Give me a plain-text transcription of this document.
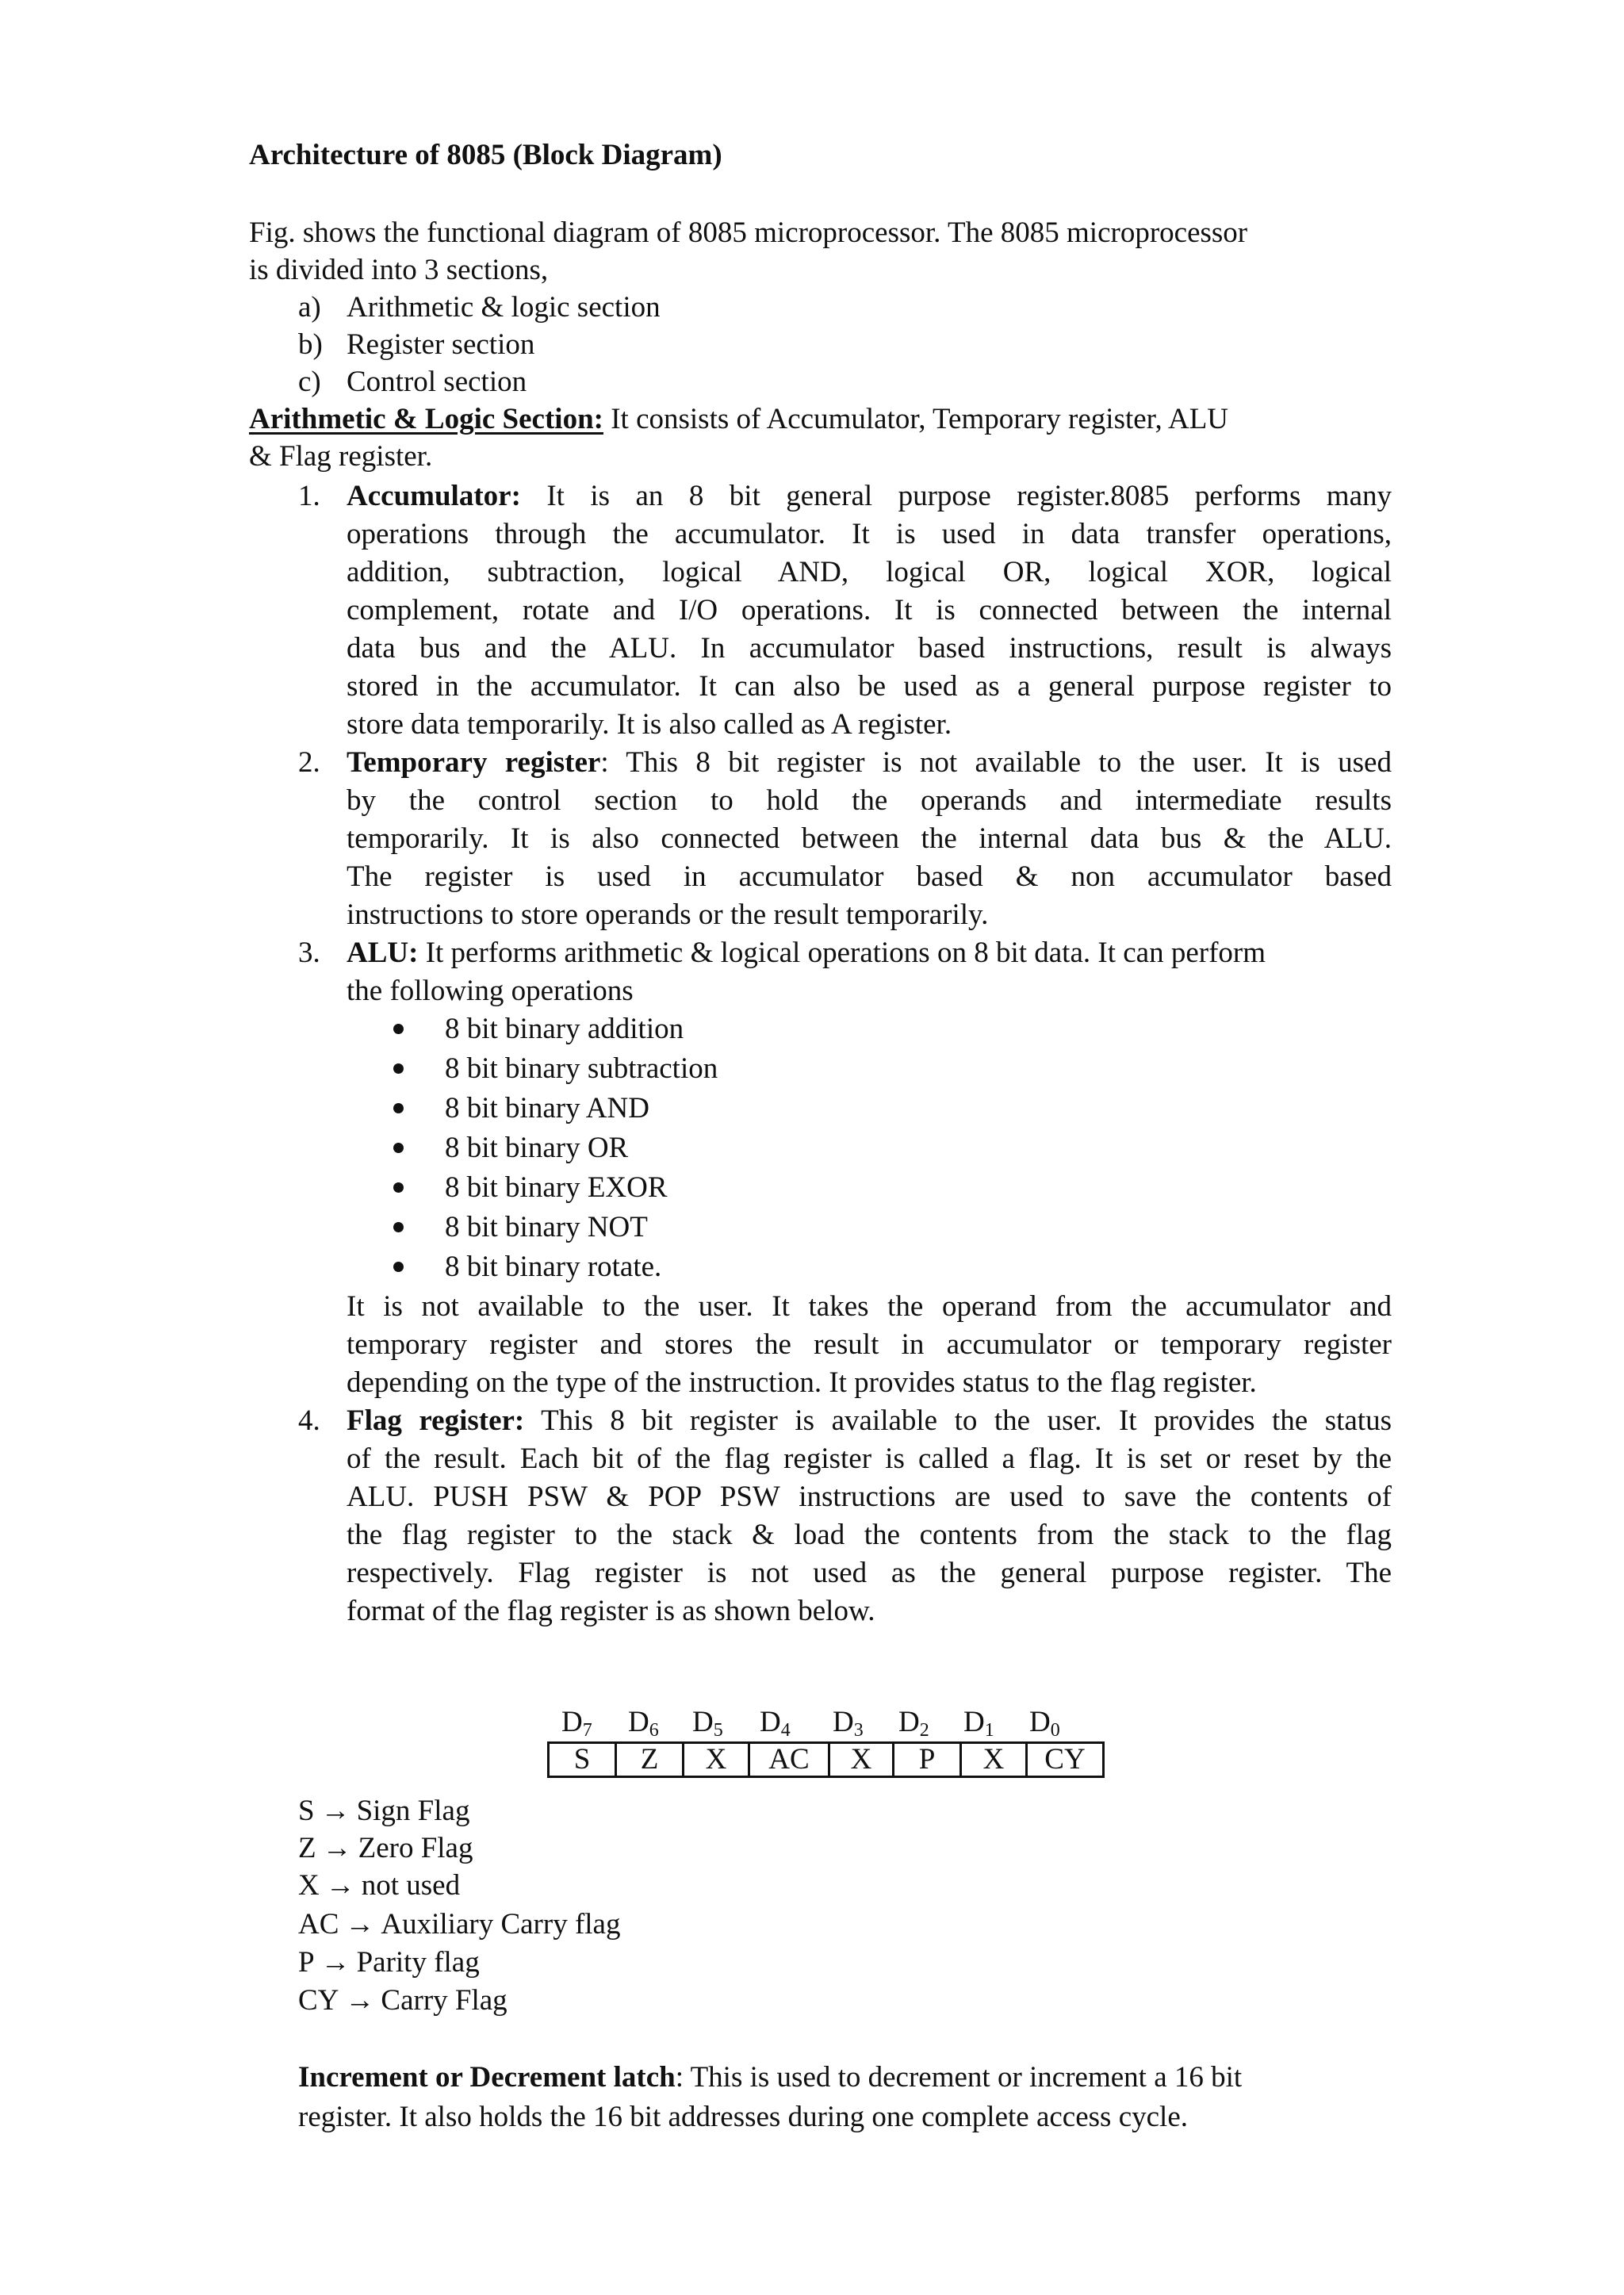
Architecture of 8085 (Block Diagram)
Fig. shows the functional diagram of 8085 microprocessor. The 8085 microprocessor
is divided into 3 sections,
a) Arithmetic & logic section
b) Register section
c) Control section
Arithmetic & Logic Section: It consists of Accumulator, Temporary register, ALU
& Flag register.
1. Accumulator: It is an 8 bit general purpose register.8085 performs many
operations through the accumulator. It is used in data transfer operations,
addition, subtraction, logical AND, logical OR, logical XOR, logical
complement, rotate and I/O operations. It is connected between the internal
data bus and the ALU. In accumulator based instructions, result is always
stored in the accumulator. It can also be used as a general purpose register to
store data temporarily. It is also called as A register.
2. Temporary register: This 8 bit register is not available to the user. It is used
by the control section to hold the operands and intermediate results
temporarily. It is also connected between the internal data bus & the ALU.
The register is used in accumulator based & non accumulator based
instructions to store operands or the result temporarily.
3. ALU: It performs arithmetic & logical operations on 8 bit data. It can perform
the following operations
8 bit binary addition
8 bit binary subtraction
8 bit binary AND
8 bit binary OR
8 bit binary EXOR
8 bit binary NOT
8 bit binary rotate.
It is not available to the user. It takes the operand from the accumulator and
temporary register and stores the result in accumulator or temporary register
depending on the type of the instruction. It provides status to the flag register.
4. Flag register: This 8 bit register is available to the user. It provides the status
of the result. Each bit of the flag register is called a flag. It is set or reset by the
ALU. PUSH PSW & POP PSW instructions are used to save the contents of
the flag register to the stack & load the contents from the stack to the flag
respectively. Flag register is not used as the general purpose register. The
format of the flag register is as shown below.
$D_7$ $D_6$ $D_5$ $D_4$ $D_3$ $D_2$ $D_1$ $D_0$
S	Z	X	AC	X	P	X	CY
S → Sign Flag
Z → Zero Flag
X → not used
AC → Auxiliary Carry flag
P → Parity flag
CY → Carry Flag
Increment or Decrement latch: This is used to decrement or increment a 16 bit
register. It also holds the 16 bit addresses during one complete access cycle.
